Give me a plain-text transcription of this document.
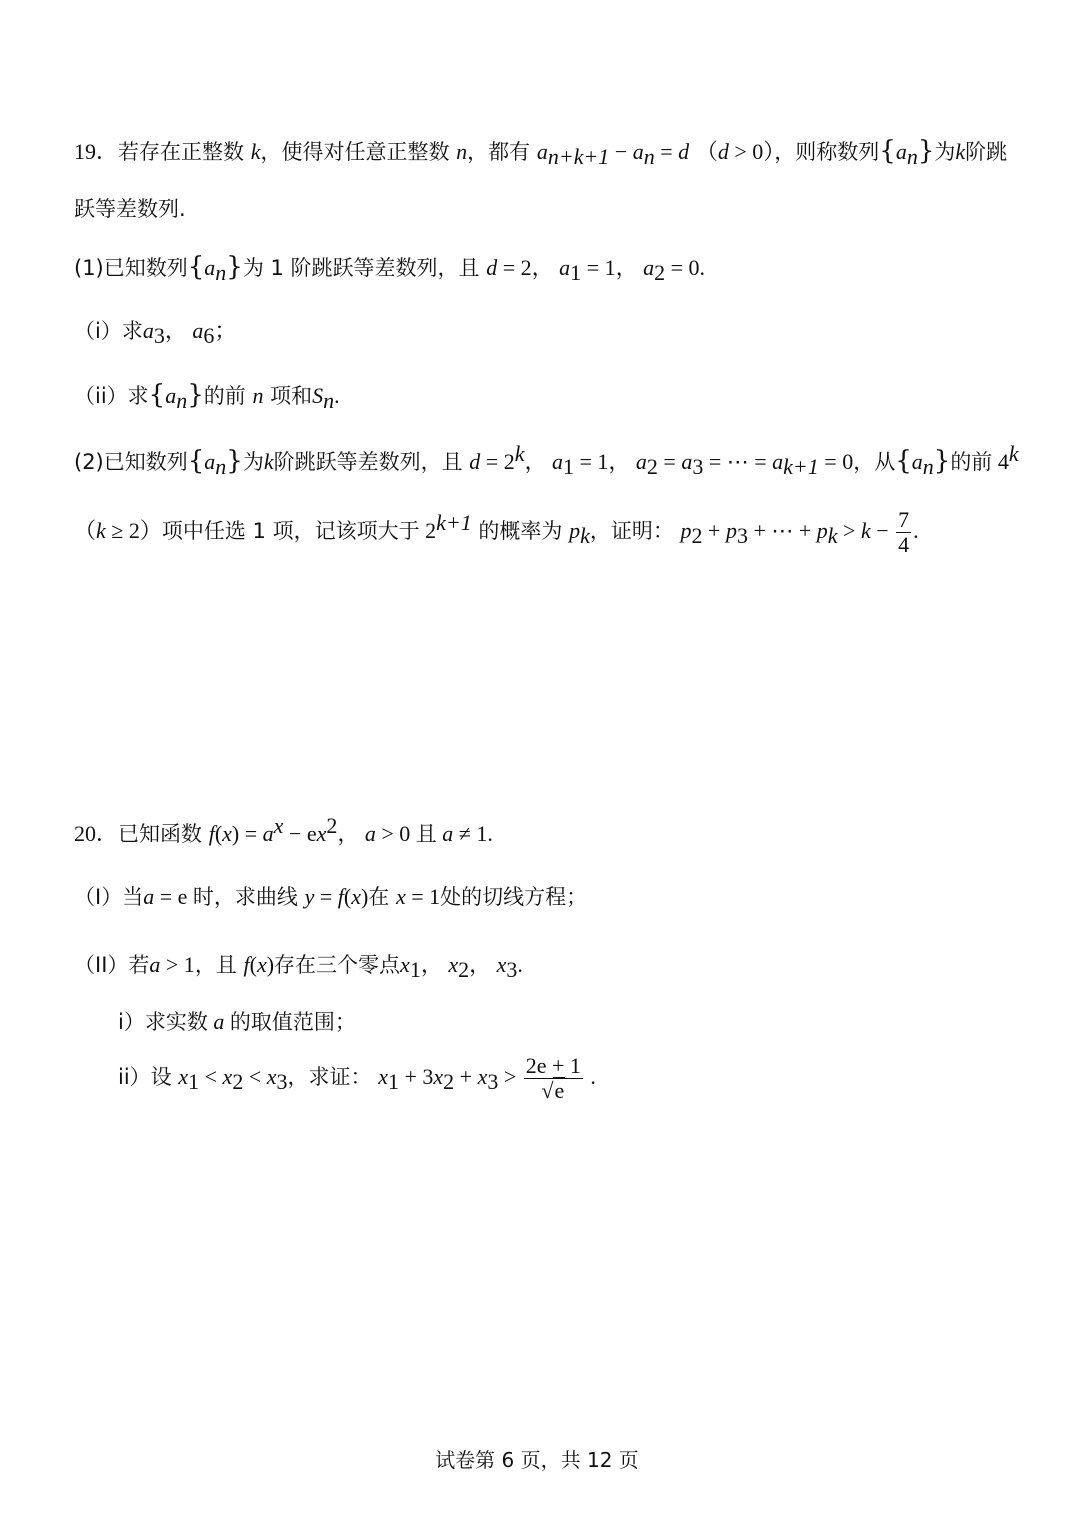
19．若存在正整数 k，使得对任意正整数 n，都有 $a_{n+k+1} - a_n = d$ （d > 0），则称数列$\{a_n\}$为k阶跳
跃等差数列.
(1)已知数列$\{a_n\}$为 1 阶跳跃等差数列，且 d = 2， $a_1 = 1$， $a_2 = 0$.
（i）求$a_3$， $a_6$；
（ii）求$\{a_n\}$的前 n 项和$S_n$.
(2)已知数列$\{a_n\}$为k阶跳跃等差数列，且 $d = 2^k$， $a_1 = 1$， $a_2 = a_3$ = ⋯ = $a_{k+1} = 0$，从$\{a_n\}$的前 4$^k$
（k ≥ 2）项中任选 1 项，记该项大于 $2^{k+1}$ 的概率为 $p_k$，证明： $p_2 + p_3$ + ⋯ + $p_k > k - \frac{7}{4}$ .
20．已知函数 $f(x) = a^x - ex^2$， a > 0 且 a ≠ 1.
（I）当a = e 时，求曲线 y = f(x)在 x = 1处的切线方程；
（II）若a > 1，且 f(x)存在三个零点$x_1$， $x_2$， $x_3$.
i）求实数 a 的取值范围；
ii）设 $x_1 < x_2 < x_3$，求证： $x_1 + 3x_2 + x_3 > \frac{2e + 1}{√e}$ .
试卷第 6 页，共 12 页
